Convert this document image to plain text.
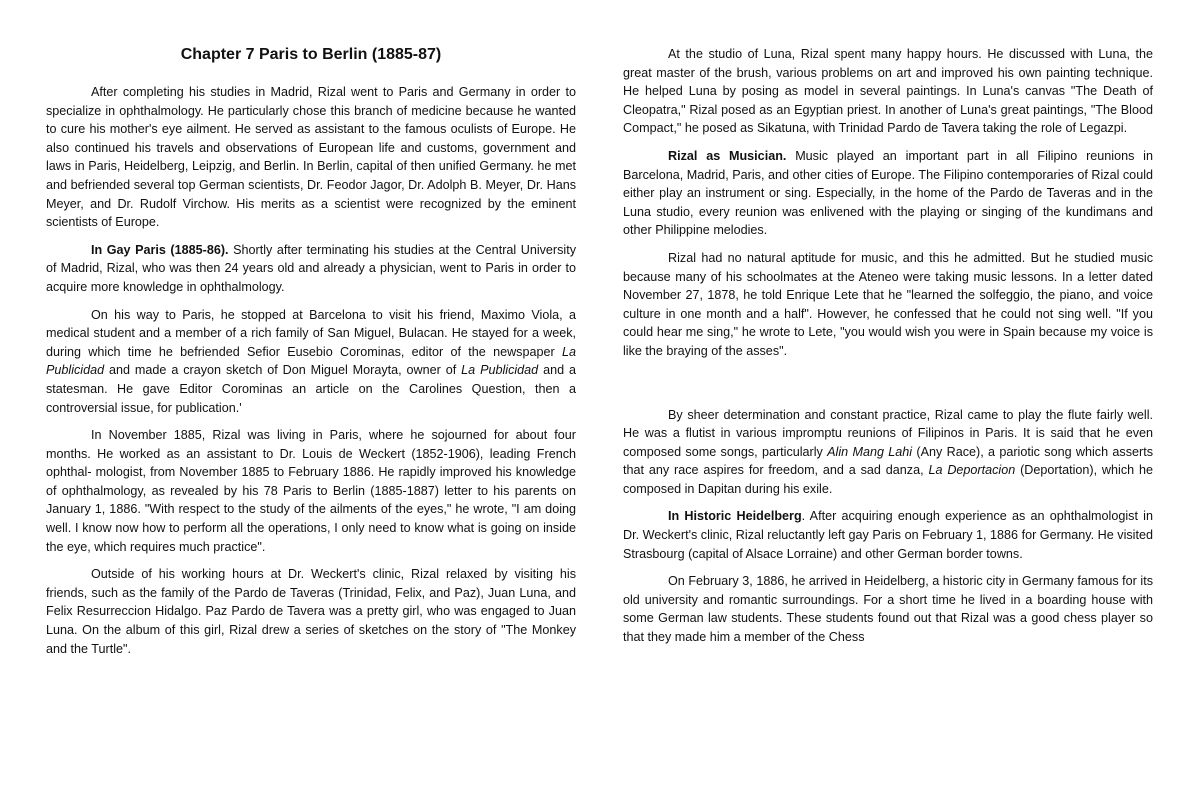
Chapter 7 Paris to Berlin (1885-87)

After completing his studies in Madrid, Rizal went to Paris and Germany in order to specialize in ophthalmology. He particularly chose this branch of medicine because he wanted to cure his mother's eye ailment. He served as assistant to the famous oculists of Europe. He also continued his travels and observations of European life and customs, government and laws in Paris, Heidelberg, Leipzig, and Berlin. In Berlin, capital of then unified Germany. he met and befriended several top German scientists, Dr. Feodor Jagor, Dr. Adolph B. Meyer, Dr. Hans Meyer, and Dr. Rudolf Virchow. His merits as a scientist were recognized by the eminent scientists of Europe.

In Gay Paris (1885-86). Shortly after terminating his studies at the Central University of Madrid, Rizal, who was then 24 years old and already a physician, went to Paris in order to acquire more knowledge in ophthalmology.

On his way to Paris, he stopped at Barcelona to visit his friend, Maximo Viola, a medical student and a member of a rich family of San Miguel, Bulacan. He stayed for a week, during which time he befriended Sefior Eusebio Corominas, editor of the newspaper La Publicidad and made a crayon sketch of Don Miguel Morayta, owner of La Publicidad and a statesman. He gave Editor Corominas an article on the Carolines Question, then a controversial issue, for publication.'

In November 1885, Rizal was living in Paris, where he sojourned for about four months. He worked as an assistant to Dr. Louis de Weckert (1852-1906), leading French ophthal- mologist, from November 1885 to February 1886. He rapidly improved his knowledge of ophthalmology, as revealed by his 78 Paris to Berlin (1885-1887) letter to his parents on January 1, 1886. "With respect to the study of the ailments of the eyes," he wrote, "I am doing well. I know now how to perform all the operations, I only need to know what is going on inside the eye, which requires much practice".

Outside of his working hours at Dr. Weckert's clinic, Rizal relaxed by visiting his friends, such as the family of the Pardo de Taveras (Trinidad, Felix, and Paz), Juan Luna, and Felix Resurreccion Hidalgo. Paz Pardo de Tavera was a pretty girl, who was engaged to Juan Luna. On the album of this girl, Rizal drew a series of sketches on the story of "The Monkey and the Turtle".

At the studio of Luna, Rizal spent many happy hours. He discussed with Luna, the great master of the brush, various problems on art and improved his own painting technique. He helped Luna by posing as model in several paintings. In Luna's canvas "The Death of Cleopatra," Rizal posed as an Egyptian priest. In another of Luna's great paintings, "The Blood Compact," he posed as Sikatuna, with Trinidad Pardo de Tavera taking the role of Legazpi.

Rizal as Musician. Music played an important part in all Filipino reunions in Barcelona, Madrid, Paris, and other cities of Europe. The Filipino contemporaries of Rizal could either play an instrument or sing. Especially, in the home of the Pardo de Taveras and in the Luna studio, every reunion was enlivened with the playing or singing of the kundimans and other Philippine melodies.

Rizal had no natural aptitude for music, and this he admitted. But he studied music because many of his schoolmates at the Ateneo were taking music lessons. In a letter dated November 27, 1878, he told Enrique Lete that he "learned the solfeggio, the piano, and voice culture in one month and a half". However, he confessed that he could not sing well. "If you could hear me sing," he wrote to Lete, "you would wish you were in Spain because my voice is like the braying of the asses".

By sheer determination and constant practice, Rizal came to play the flute fairly well. He was a flutist in various impromptu reunions of Filipinos in Paris. It is said that he even composed some songs, particularly Alin Mang Lahi (Any Race), a pariotic song which asserts that any race aspires for freedom, and a sad danza, La Deportacion (Deportation), which he composed in Dapitan during his exile.

In Historic Heidelberg. After acquiring enough experience as an ophthalmologist in Dr. Weckert's clinic, Rizal reluctantly left gay Paris on February 1, 1886 for Germany. He visited Strasbourg (capital of Alsace Lorraine) and other German border towns.

On February 3, 1886, he arrived in Heidelberg, a historic city in Germany famous for its old university and romantic surroundings. For a short time he lived in a boarding house with some German law students. These students found out that Rizal was a good chess player so that they made him a member of the Chess
